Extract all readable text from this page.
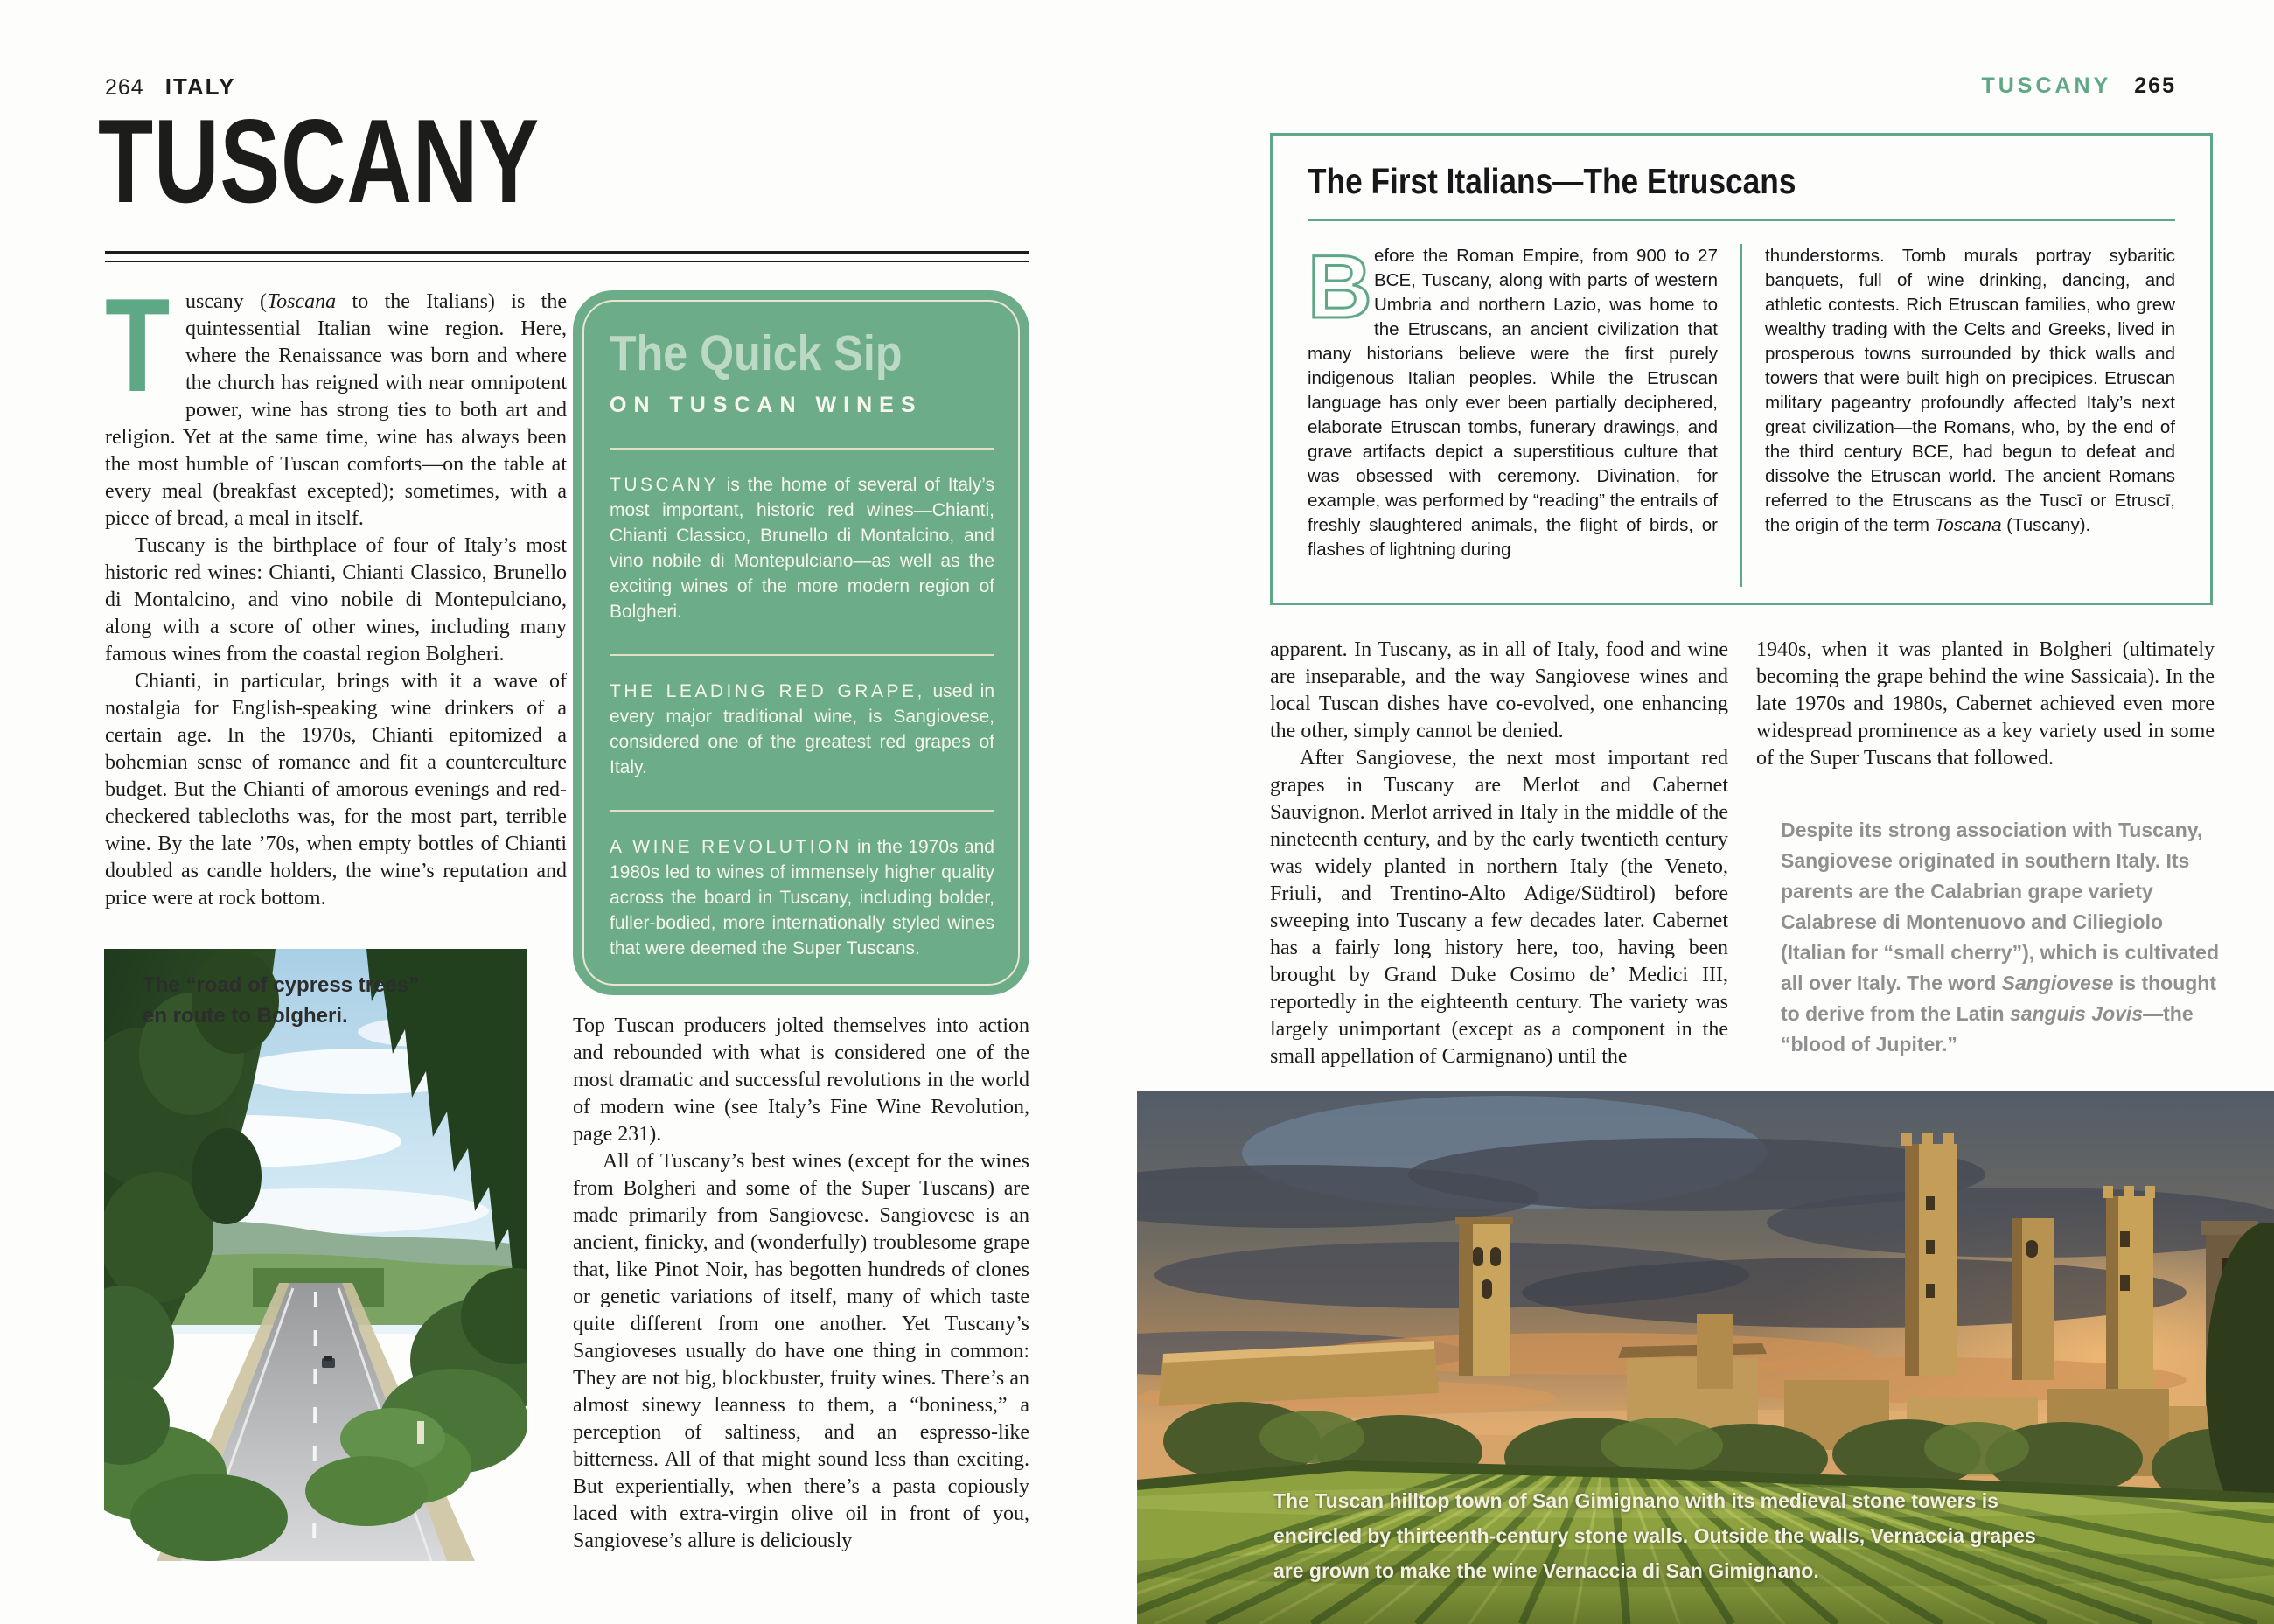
264 ITALY	TUSCANY 265
TUSCANY

Tuscany (Toscana to the Italians) is the quintessential Italian wine region. Here, where the Renaissance was born and where the church has reigned with near omnipotent power, wine has strong ties to both art and religion. Yet at the same time, wine has always been the most humble of Tuscan comforts—on the table at every meal (breakfast excepted); sometimes, with a piece of bread, a meal in itself.

Tuscany is the birthplace of four of Italy’s most historic red wines: Chianti, Chianti Classico, Brunello di Montalcino, and vino nobile di Montepulciano, along with a score of other wines, including many famous wines from the coastal region Bolgheri.

Chianti, in particular, brings with it a wave of nostalgia for English-speaking wine drinkers of a certain age. In the 1970s, Chianti epitomized a bohemian sense of romance and fit a counterculture budget. But the Chianti of amorous evenings and red-checkered tablecloths was, for the most part, terrible wine. By the late ’70s, when empty bottles of Chianti doubled as candle holders, the wine’s reputation and price were at rock bottom.

The Quick Sip
ON TUSCAN WINES

TUSCANY is the home of several of Italy’s most important, historic red wines—Chianti, Chianti Classico, Brunello di Montalcino, and vino nobile di Montepulciano—as well as the exciting wines of the more modern region of Bolgheri.

THE LEADING RED GRAPE, used in every major traditional wine, is Sangiovese, considered one of the greatest red grapes of Italy.

A WINE REVOLUTION in the 1970s and 1980s led to wines of immensely higher quality across the board in Tuscany, including bolder, fuller-bodied, more internationally styled wines that were deemed the Super Tuscans.

The “road of cypress trees”
en route to Bolgheri.	Top Tuscan producers jolted themselves into action and rebounded with what is considered one of the most dramatic and successful revolutions in the world of modern wine (see Italy’s Fine Wine Revolution, page 231).

All of Tuscany’s best wines (except for the wines from Bolgheri and some of the Super Tuscans) are made primarily from Sangiovese. Sangiovese is an ancient, finicky, and (wonderfully) troublesome grape that, like Pinot Noir, has begotten hundreds of clones or genetic variations of itself, many of which taste quite different from one another. Yet Tuscany’s Sangioveses usually do have one thing in common: They are not big, blockbuster, fruity wines. There’s an almost sinewy leanness to them, a “boniness,” a perception of saltiness, and an espresso-like bitterness. All of that might sound less than exciting. But experientially, when there’s a pasta copiously laced with extra-virgin olive oil in front of you, Sangiovese’s allure is deliciously

The First Italians—The Etruscans
Before the Roman Empire, from 900 to 27 BCE, Tuscany, along with parts of western Umbria and northern Lazio, was home to the Etruscans, an ancient civilization that many historians believe were the first purely indigenous Italian peoples. While the Etruscan language has only ever been partially deciphered, elaborate Etruscan tombs, funerary drawings, and grave artifacts depict a superstitious culture that was obsessed with ceremony. Divination, for example, was performed by “reading” the entrails of freshly slaughtered animals, the flight of birds, or flashes of lightning during
thunderstorms. Tomb murals portray sybaritic banquets, full of wine drinking, dancing, and athletic contests. Rich Etruscan families, who grew wealthy trading with the Celts and Greeks, lived in prosperous towns surrounded by thick walls and towers that were built high on precipices. Etruscan military pageantry profoundly affected Italy’s next great civilization—the Romans, who, by the end of the third century BCE, had begun to defeat and dissolve the Etruscan world. The ancient Romans referred to the Etruscans as the Tuscī or Etruscī, the origin of the term Toscana (Tuscany).

apparent. In Tuscany, as in all of Italy, food and wine are inseparable, and the way Sangiovese wines and local Tuscan dishes have co-evolved, one enhancing the other, simply cannot be denied.

After Sangiovese, the next most important red grapes in Tuscany are Merlot and Cabernet Sauvignon. Merlot arrived in Italy in the middle of the nineteenth century, and by the early twentieth century was widely planted in northern Italy (the Veneto, Friuli, and Trentino-Alto Adige/Südtirol) before sweeping into Tuscany a few decades later. Cabernet has a fairly long history here, too, having been brought by Grand Duke Cosimo de’ Medici III, reportedly in the eighteenth century. The variety was largely unimportant (except as a component in the small appellation of Carmignano) until the

1940s, when it was planted in Bolgheri (ultimately becoming the grape behind the wine Sassicaia). In the late 1970s and 1980s, Cabernet achieved even more widespread prominence as a key variety used in some of the Super Tuscans that followed.

Despite its strong association with Tuscany, Sangiovese originated in southern Italy. Its parents are the Calabrian grape variety Calabrese di Montenuovo and Ciliegiolo (Italian for “small cherry”), which is cultivated all over Italy. The word Sangiovese is thought to derive from the Latin sanguis Jovis—the “blood of Jupiter.”
The Tuscan hilltop town of San Gimignano with its medieval stone towers is
encircled by thirteenth-century stone walls. Outside the walls, Vernaccia grapes
are grown to make the wine Vernaccia di San Gimignano.
